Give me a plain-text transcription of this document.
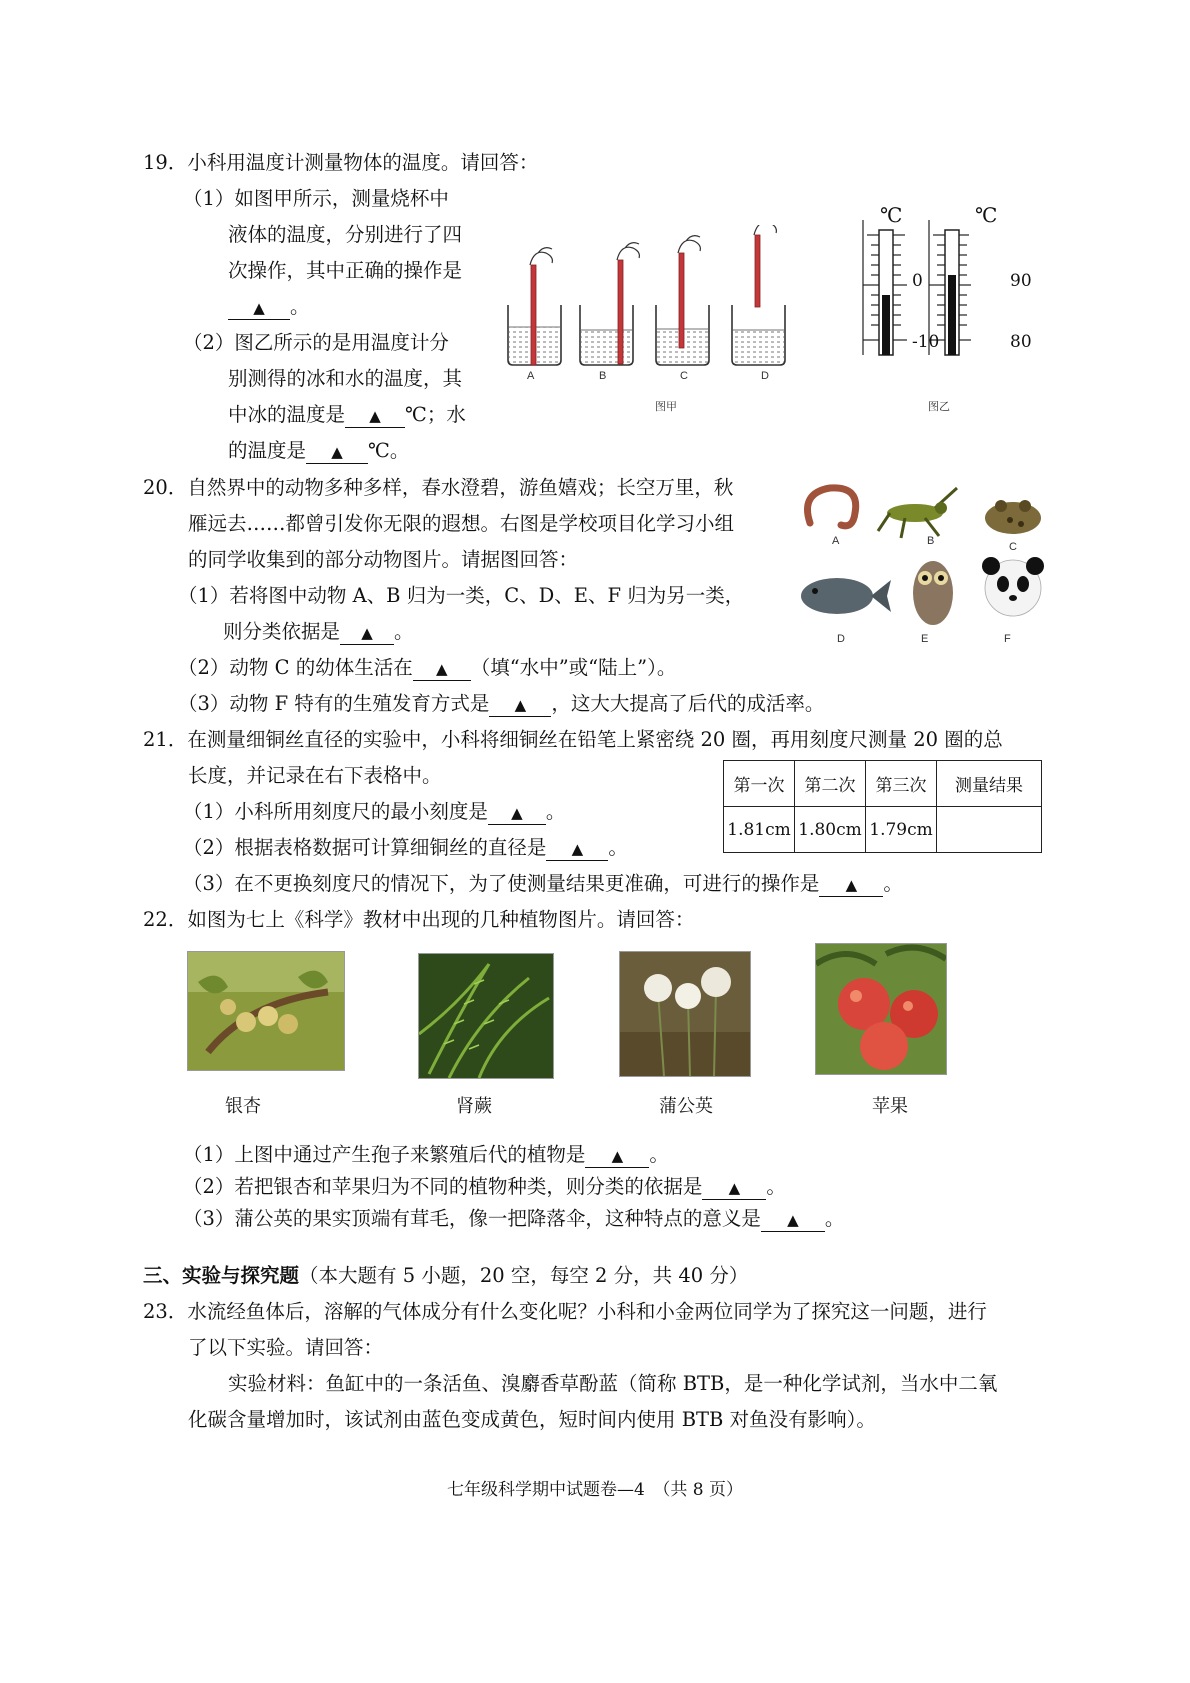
19．小科用温度计测量物体的温度。请回答：
（1）如图甲所示，测量烧杯中
液体的温度，分别进行了四
次操作，其中正确的操作是
▲ 。
（2）图乙所示的是用温度计分
别测得的冰和水的温度，其
中冰的温度是 ▲ ℃；水
的温度是 ▲ ℃。
A	B	C	D
图甲
℃	℃
0
-10
90
80
图乙
20．自然界中的动物多种多样，春水澄碧，游鱼嬉戏；长空万里，秋
雁远去……都曾引发你无限的遐想。右图是学校项目化学习小组
的同学收集到的部分动物图片。请据图回答：
（1）若将图中动物 A、B 归为一类，C、D、E、F 归为另一类，
则分类依据是 ▲ 。
（2）动物 C 的幼体生活在 ▲ （填“水中”或“陆上”）。
（3）动物 F 特有的生殖发育方式是 ▲ ，这大大提高了后代的成活率。
A	B	C
D	E	F
21．在测量细铜丝直径的实验中，小科将细铜丝在铅笔上紧密绕 20 圈，再用刻度尺测量 20 圈的总
长度，并记录在右下表格中。
（1）小科所用刻度尺的最小刻度是 ▲ 。
（2）根据表格数据可计算细铜丝的直径是 ▲ 。
（3）在不更换刻度尺的情况下，为了使测量结果更准确，可进行的操作是 ▲ 。
第一次	第二次	第三次	测量结果
1.81cm	1.80cm	1.79cm	
22．如图为七上《科学》教材中出现的几种植物图片。请回答：
银杏	肾蕨	蒲公英	苹果
（1）上图中通过产生孢子来繁殖后代的植物是 ▲ 。
（2）若把银杏和苹果归为不同的植物种类，则分类的依据是 ▲ 。
（3）蒲公英的果实顶端有茸毛，像一把降落伞，这种特点的意义是 ▲ 。
三、实验与探究题（本大题有 5 小题，20 空，每空 2 分，共 40 分）
23．水流经鱼体后，溶解的气体成分有什么变化呢？小科和小金两位同学为了探究这一问题，进行
了以下实验。请回答：
实验材料：鱼缸中的一条活鱼、溴麝香草酚蓝（简称 BTB，是一种化学试剂，当水中二氧
化碳含量增加时，该试剂由蓝色变成黄色，短时间内使用 BTB 对鱼没有影响）。
七年级科学期中试题卷—4　（共 8 页）
